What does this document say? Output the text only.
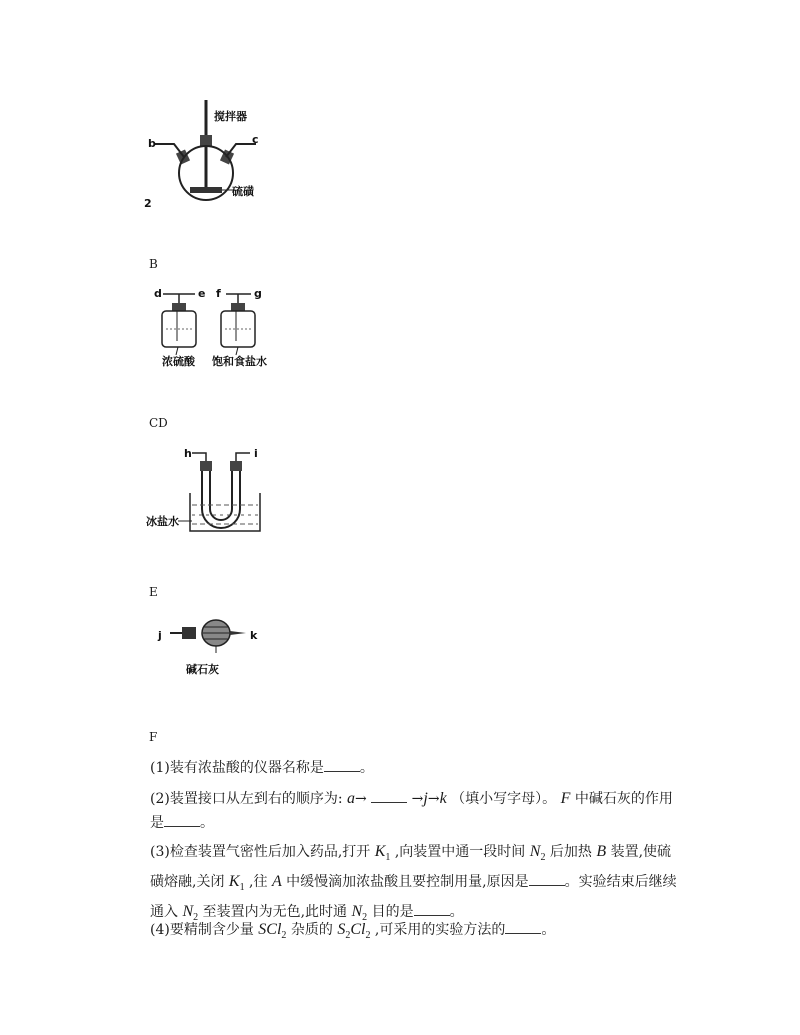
搅拌器
b	c
硫磺
2
B
d	e f	g
浓硫酸 饱和食盐水
CD
h	i
冰盐水
E
j	k
碱石灰
F
(1)装有浓盐酸的仪器名称是	。
(2)装置接口从左到右的顺序为: a→	→j→k （填小写字母）。 F 中碱石灰的作用是	。
(3)检查装置气密性后加入药品,打开 $K_1$ ,向装置中通一段时间 $N_2$ 后加热 B 装置,使硫磺熔融,关闭 $K_1$ ,往 A 中缓慢滴加浓盐酸且要控制用量,原因是	。实验结束后继续通入 $N_2$ 至装置内为无色,此时通 $N_2$ 目的是	。
(4)要精制含少量 SCl$_2$ 杂质的 $S_2Cl_2$ ,可采用的实验方法的	。
